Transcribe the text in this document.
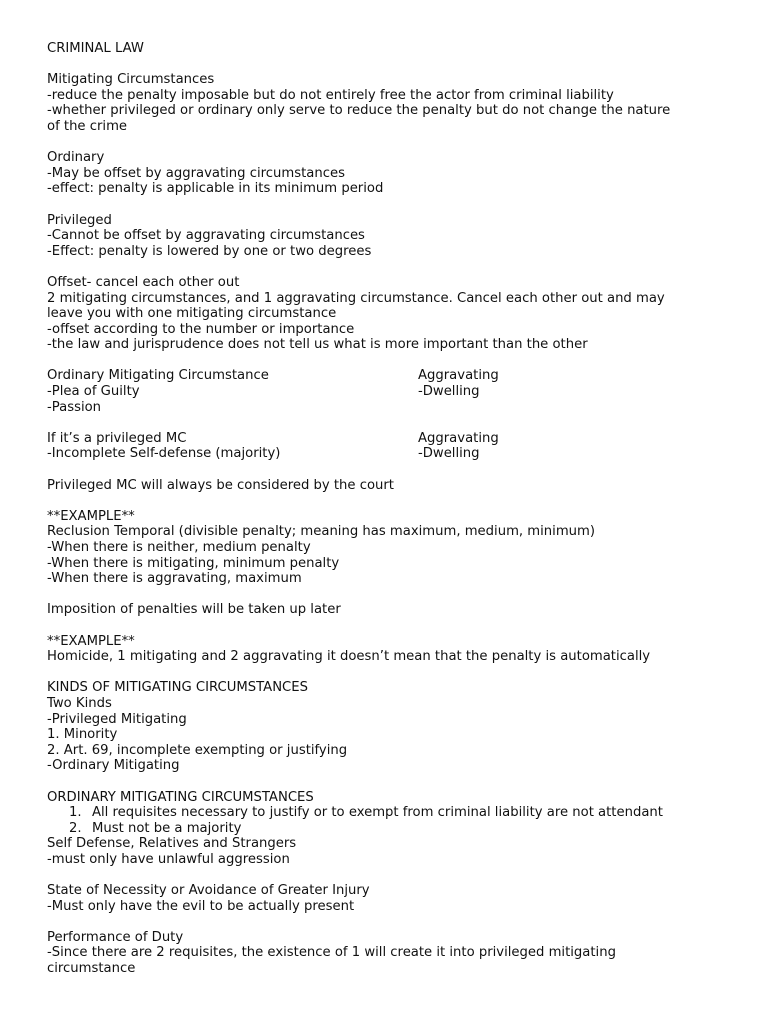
CRIMINAL LAW
Mitigating Circumstances
-reduce the penalty imposable but do not entirely free the actor from criminal liability
-whether privileged or ordinary only serve to reduce the penalty but do not change the nature
of the crime
Ordinary
-May be offset by aggravating circumstances
-effect: penalty is applicable in its minimum period
Privileged
-Cannot be offset by aggravating circumstances
-Effect: penalty is lowered by one or two degrees
Offset- cancel each other out
2 mitigating circumstances, and 1 aggravating circumstance. Cancel each other out and may
leave you with one mitigating circumstance
-offset according to the number or importance
-the law and jurisprudence does not tell us what is more important than the other
Ordinary Mitigating Circumstance	Aggravating
-Plea of Guilty	-Dwelling
-Passion
If it’s a privileged MC	Aggravating
-Incomplete Self-defense (majority)	-Dwelling
Privileged MC will always be considered by the court
**EXAMPLE**
Reclusion Temporal (divisible penalty; meaning has maximum, medium, minimum)
-When there is neither, medium penalty
-When there is mitigating, minimum penalty
-When there is aggravating, maximum
Imposition of penalties will be taken up later
**EXAMPLE**
Homicide, 1 mitigating and 2 aggravating it doesn’t mean that the penalty is automatically
KINDS OF MITIGATING CIRCUMSTANCES
Two Kinds
-Privileged Mitigating
1. Minority
2. Art. 69, incomplete exempting or justifying
-Ordinary Mitigating
ORDINARY MITIGATING CIRCUMSTANCES
1. All requisites necessary to justify or to exempt from criminal liability are not attendant
2. Must not be a majority
Self Defense, Relatives and Strangers
-must only have unlawful aggression
State of Necessity or Avoidance of Greater Injury
-Must only have the evil to be actually present
Performance of Duty
-Since there are 2 requisites, the existence of 1 will create it into privileged mitigating
circumstance
